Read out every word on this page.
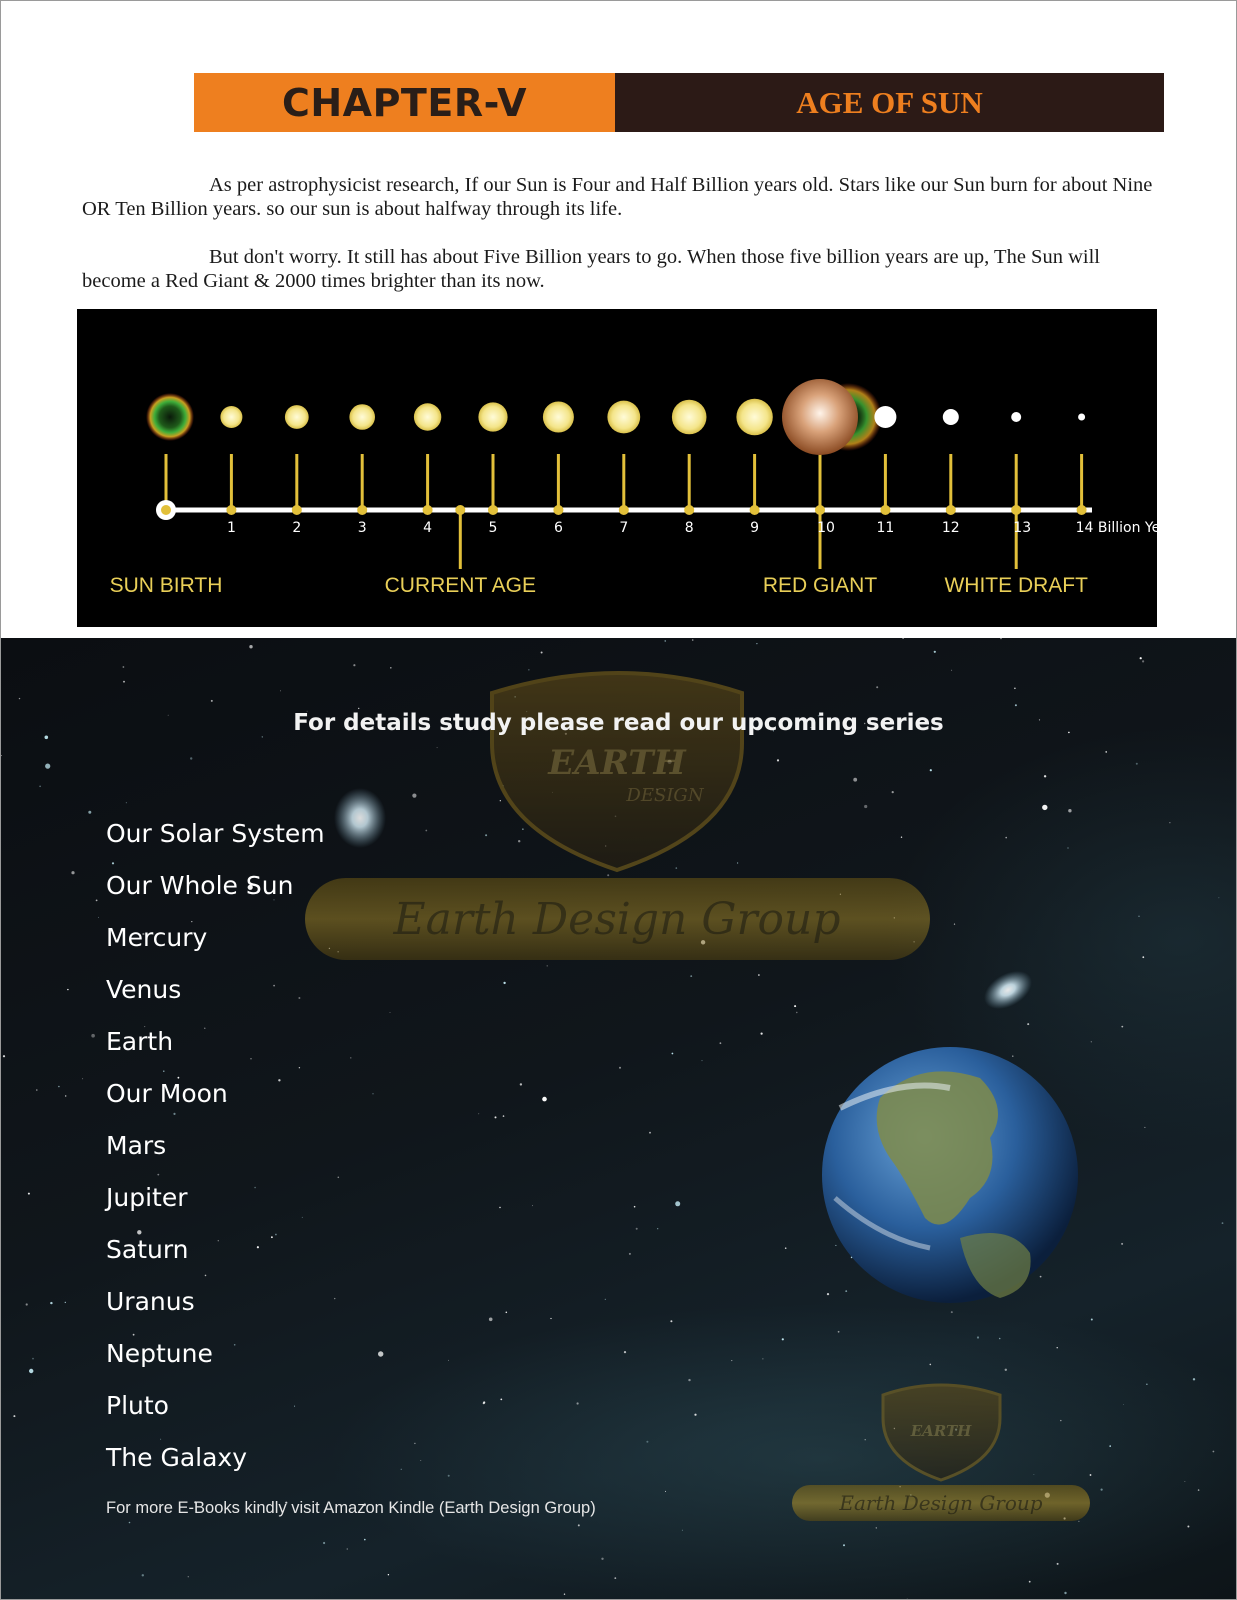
CHAPTER-V	AGE OF SUN

As per astrophysicist research, If our Sun is Four and Half Billion years old. Stars like our Sun burn for about Nine OR Ten Billion years. so our sun is about halfway through its life.

But don't worry. It still has about Five Billion years to go. When those five billion years are up, The Sun will become a Red Giant & 2000 times brighter than its now.

1	2	3	4	5	6	7	8	9	10	11	12	13	14 Billion Years
SUN BIRTH	CURRENT AGE	RED GIANT	WHITE DRAFT
EARTH
DESIGN
Earth Design Group
EARTH
Earth Design Group
For details study please read our upcoming series
Our Solar System
Our Whole Sun
Mercury
Venus
Earth
Our Moon
Mars
Jupiter
Saturn
Uranus
Neptune
Pluto
The Galaxy
For more E-Books kindly visit Amazon Kindle (Earth Design Group)
